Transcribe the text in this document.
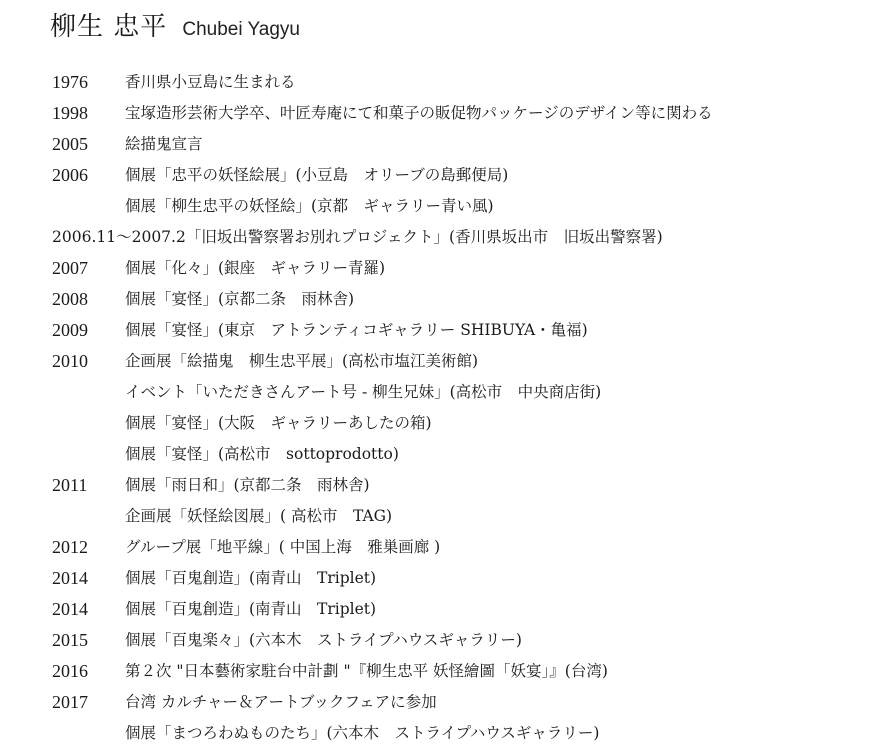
柳生 忠平 Chubei Yagyu
1976 香川県小豆島に生まれる
1998 宝塚造形芸術大学卒、叶匠寿庵にて和菓子の販促物パッケージのデザイン等に関わる
2005 絵描鬼宣言
2006 個展「忠平の妖怪絵展」(小豆島　オリーブの島郵便局)
個展「柳生忠平の妖怪絵」(京都　ギャラリー青い風)
2006.11～2007.2「旧坂出警察署お別れプロジェクト」(香川県坂出市　旧坂出警察署)
2007 個展「化々」(銀座　ギャラリー青羅)
2008 個展「宴怪」(京都二条　雨林舎)
2009 個展「宴怪」(東京　アトランティコギャラリー SHIBUYA・亀福)
2010 企画展「絵描鬼　柳生忠平展」(高松市塩江美術館)
イベント「いただきさんアート号 - 柳生兄妹」(高松市　中央商店街)
個展「宴怪」(大阪　ギャラリーあしたの箱)
個展「宴怪」(高松市　sottoprodotto)
2011 個展「雨日和」(京都二条　雨林舎)
企画展「妖怪絵図展」( 高松市　TAG)
2012 グループ展「地平線」( 中国上海　雅巣画廊 )
2014 個展「百鬼創造」(南青山　Triplet)
2014 個展「百鬼創造」(南青山　Triplet)
2015 個展「百鬼楽々」(六本木　ストライプハウスギャラリー)
2016 第２次 "日本藝術家駐台中計劃 "『柳生忠平 妖怪繪圖「妖宴」』(台湾)
2017 台湾 カルチャー＆アートブックフェアに参加
個展「まつろわぬものたち」(六本木　ストライプハウスギャラリー)
